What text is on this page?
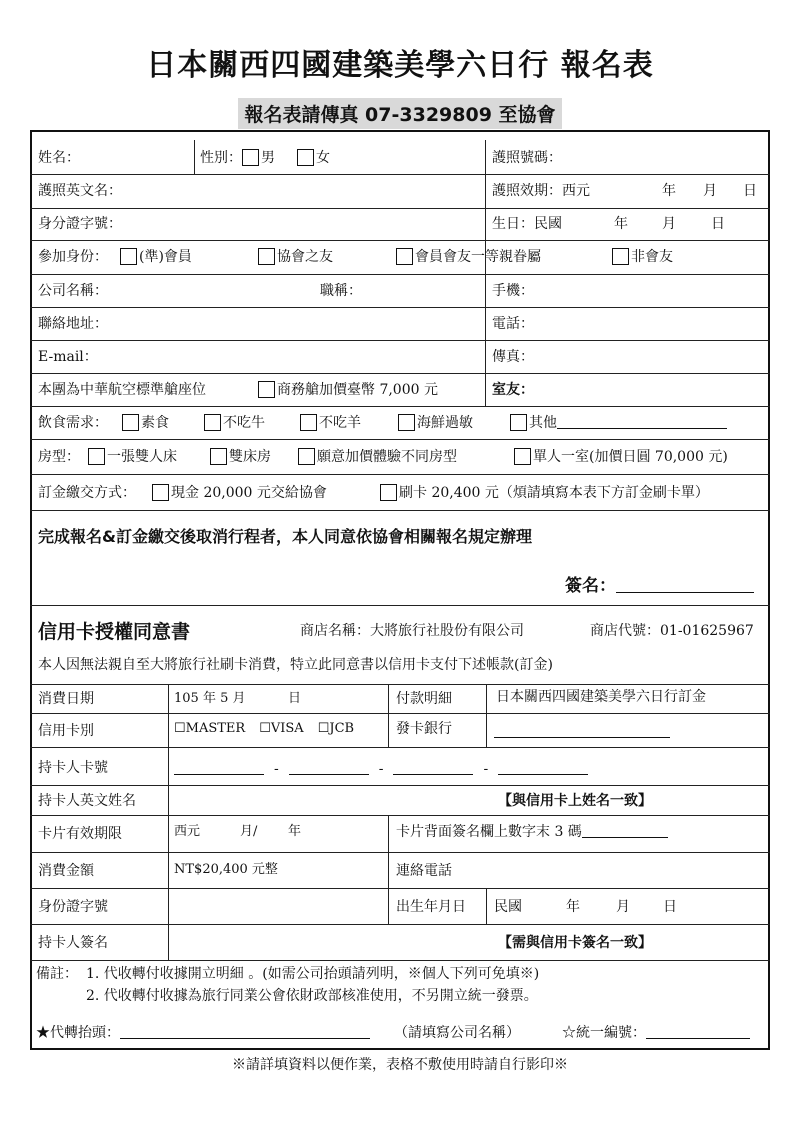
日本關西四國建築美學六日行 報名表
報名表請傳真 07-3329809 至協會
姓名：	性別： 男	女	護照號碼：
護照英文名：	護照效期：西元	年 月 日
身分證字號：	生日：民國	年 月	日
參加身份：	(準)會員	協會之友	會員會友一等親眷屬	非會友
公司名稱：	職稱：	手機：
聯絡地址：	電話：
E-mail：	傳真：
本團為中華航空標準艙座位	商務艙加價臺幣 7,000 元	室友：
飲食需求：	素食	不吃牛	不吃羊	海鮮過敏	其他
房型：	一張雙人床	雙床房	願意加價體驗不同房型	單人一室(加價日圓 70,000 元)
訂金繳交方式：	現金 20,000 元交給協會	刷卡 20,400 元（煩請填寫本表下方訂金刷卡單）
完成報名&訂金繳交後取消行程者，本人同意依協會相關報名規定辦理
簽名：
信用卡授權同意書	商店名稱：大將旅行社股份有限公司	商店代號：01-01625967
本人因無法親自至大將旅行社刷卡消費，特立此同意書以信用卡支付下述帳款(訂金)
消費日期	105 年 5 月	日	付款明細	日本關西四國建築美學六日行訂金
信用卡別	☐MASTER ☐VISA ☐JCB	發卡銀行
持卡人卡號	-	-	-
持卡人英文姓名	【與信用卡上姓名一致】
卡片有效期限	西元	月/ 年	卡片背面簽名欄上數字末 3 碼
消費金額	NT$20,400 元整	連絡電話
身份證字號	出生年月日 民國	年	月 日
持卡人簽名	【需與信用卡簽名一致】
備註： 1. 代收轉付收據開立明細 。(如需公司抬頭請列明，※個人下列可免填※)
2. 代收轉付收據為旅行同業公會依財政部核准使用，不另開立統一發票。
★代轉抬頭：	（請填寫公司名稱）	☆統一編號：
※請詳填資料以便作業，表格不敷使用時請自行影印※
